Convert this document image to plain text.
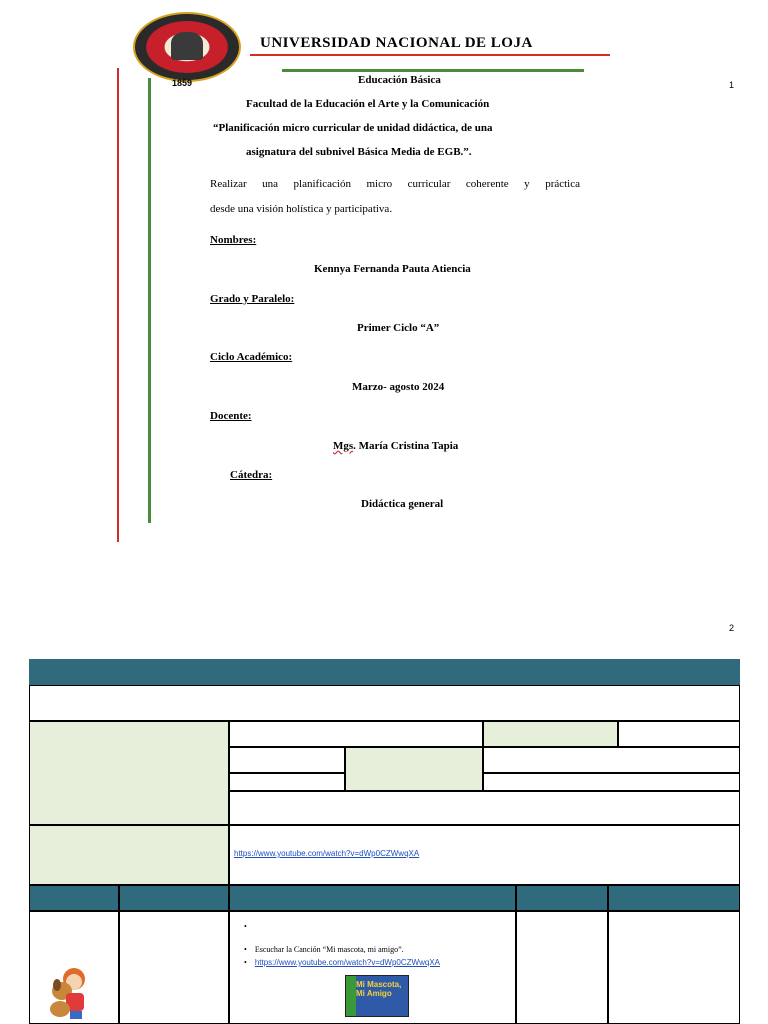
1859
UNIVERSIDAD NACIONAL DE LOJA
1
Educación Básica
Facultad de la Educación el Arte y la Comunicación
“Planificación micro curricular de unidad didáctica, de una
asignatura del subnivel Básica Media de EGB.”.
Realizar una planificación micro curricular coherente y práctica
desde una visión holística y participativa.
Nombres:
Kennya Fernanda Pauta Atiencia
Grado y Paralelo:
Primer Ciclo “A”
Ciclo Académico:
Marzo- agosto 2024
Docente:
Mgs. María Cristina Tapia
Cátedra:
Didáctica general
2
https://www.youtube.com/watch?v=dWp0CZWwqXA
•
•    Escuchar la Canción “Mi mascota, mi amigo”.
•    https://www.youtube.com/watch?v=dWp0CZWwqXA
Mi Mascota, Mi Amigo
